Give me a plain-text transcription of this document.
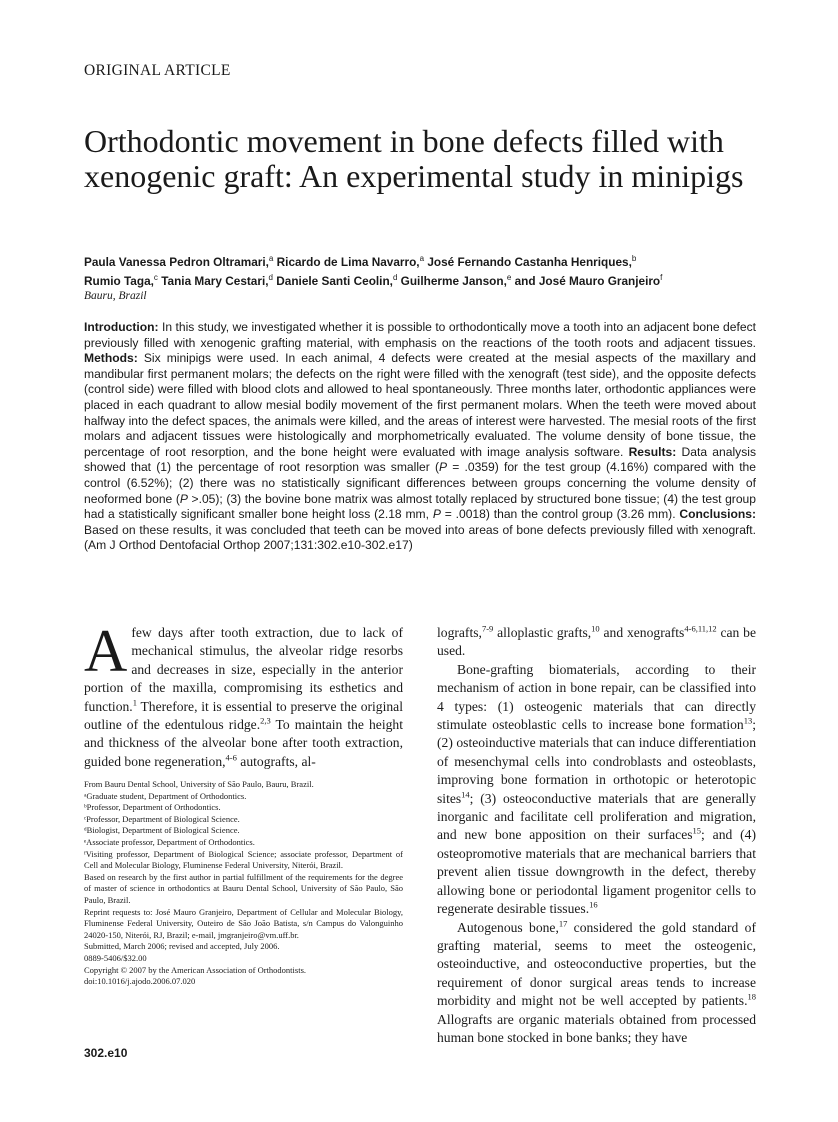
ORIGINAL ARTICLE
Orthodontic movement in bone defects filled with xenogenic graft: An experimental study in minipigs
Paula Vanessa Pedron Oltramari,$^a$ Ricardo de Lima Navarro,$^a$ José Fernando Castanha Henriques,$^b$
Rumio Taga,$^c$ Tania Mary Cestari,$^d$ Daniele Santi Ceolin,$^d$ Guilherme Janson,$^e$ and José Mauro Granjeiro$^f$
Bauru, Brazil
Introduction: In this study, we investigated whether it is possible to orthodontically move a tooth into an adjacent bone defect previously filled with xenogenic grafting material, with emphasis on the reactions of the tooth roots and adjacent tissues. Methods: Six minipigs were used. In each animal, 4 defects were created at the mesial aspects of the maxillary and mandibular first permanent molars; the defects on the right were filled with the xenograft (test side), and the opposite defects (control side) were filled with blood clots and allowed to heal spontaneously. Three months later, orthodontic appliances were placed in each quadrant to allow mesial bodily movement of the first permanent molars. When the teeth were moved about halfway into the defect spaces, the animals were killed, and the areas of interest were harvested. The mesial roots of the first molars and adjacent tissues were histologically and morphometrically evaluated. The volume density of bone tissue, the percentage of root resorption, and the bone height were evaluated with image analysis software. Results: Data analysis showed that (1) the percentage of root resorption was smaller (P = .0359) for the test group (4.16%) compared with the control (6.52%); (2) there was no statistically significant differences between groups concerning the volume density of neoformed bone (P >.05); (3) the bovine bone matrix was almost totally replaced by structured bone tissue; (4) the test group had a statistically significant smaller bone height loss (2.18 mm, P = .0018) than the control group (3.26 mm). Conclusions: Based on these results, it was concluded that teeth can be moved into areas of bone defects previously filled with xenograft. (Am J Orthod Dentofacial Orthop 2007;131:302.e10-302.e17)

Afew days after tooth extraction, due to lack of mechanical stimulus, the alveolar ridge resorbs and decreases in size, especially in the anterior portion of the maxilla, compromising its esthetics and function.$^1$ Therefore, it is essential to preserve the original outline of the edentulous ridge.$^{2,3}$ To maintain the height and thickness of the alveolar bone after tooth extraction, guided bone regeneration,$^{4-6}$ autografts, al-

From Bauru Dental School, University of São Paulo, Bauru, Brazil.
ᵃGraduate student, Department of Orthodontics.
ᵇProfessor, Department of Orthodontics.
ᶜProfessor, Department of Biological Science.
ᵈBiologist, Department of Biological Science.
ᵉAssociate professor, Department of Orthodontics.
ᶠVisiting professor, Department of Biological Science; associate professor, Department of Cell and Molecular Biology, Fluminense Federal University, Niterói, Brazil.
Based on research by the first author in partial fulfillment of the requirements for the degree of master of science in orthodontics at Bauru Dental School, University of São Paulo, São Paulo, Brazil.
Reprint requests to: José Mauro Granjeiro, Department of Cellular and Molecular Biology, Fluminense Federal University, Outeiro de São João Batista, s/n Campus do Valonguinho 24020-150, Niterói, RJ, Brazil; e-mail, jmgranjeiro@vm.uff.br.
Submitted, March 2006; revised and accepted, July 2006.
0889-5406/$32.00
Copyright © 2007 by the American Association of Orthodontists.
doi:10.1016/j.ajodo.2006.07.020

lografts,$^{7-9}$ alloplastic grafts,$^{10}$ and xenografts$^{4-6,11,12}$ can be used.

Bone-grafting biomaterials, according to their mechanism of action in bone repair, can be classified into 4 types: (1) osteogenic materials that can directly stimulate osteoblastic cells to increase bone formation$^{13}$; (2) osteoinductive materials that can induce differentiation of mesenchymal cells into condroblasts and osteoblasts, improving bone formation in orthotopic or heterotopic sites$^{14}$; (3) osteoconductive materials that are generally inorganic and facilitate cell proliferation and migration, and new bone apposition on their surfaces$^{15}$; and (4) osteopromotive materials that are mechanical barriers that prevent alien tissue downgrowth in the defect, thereby allowing bone or periodontal ligament progenitor cells to regenerate desirable tissues.$^{16}$

Autogenous bone,$^{17}$ considered the gold standard of grafting material, seems to meet the osteogenic, osteoinductive, and osteoconductive properties, but the requirement of donor surgical areas tends to increase morbidity and might not be well accepted by patients.$^{18}$ Allografts are organic materials obtained from processed human bone stocked in bone banks; they have

302.e10
